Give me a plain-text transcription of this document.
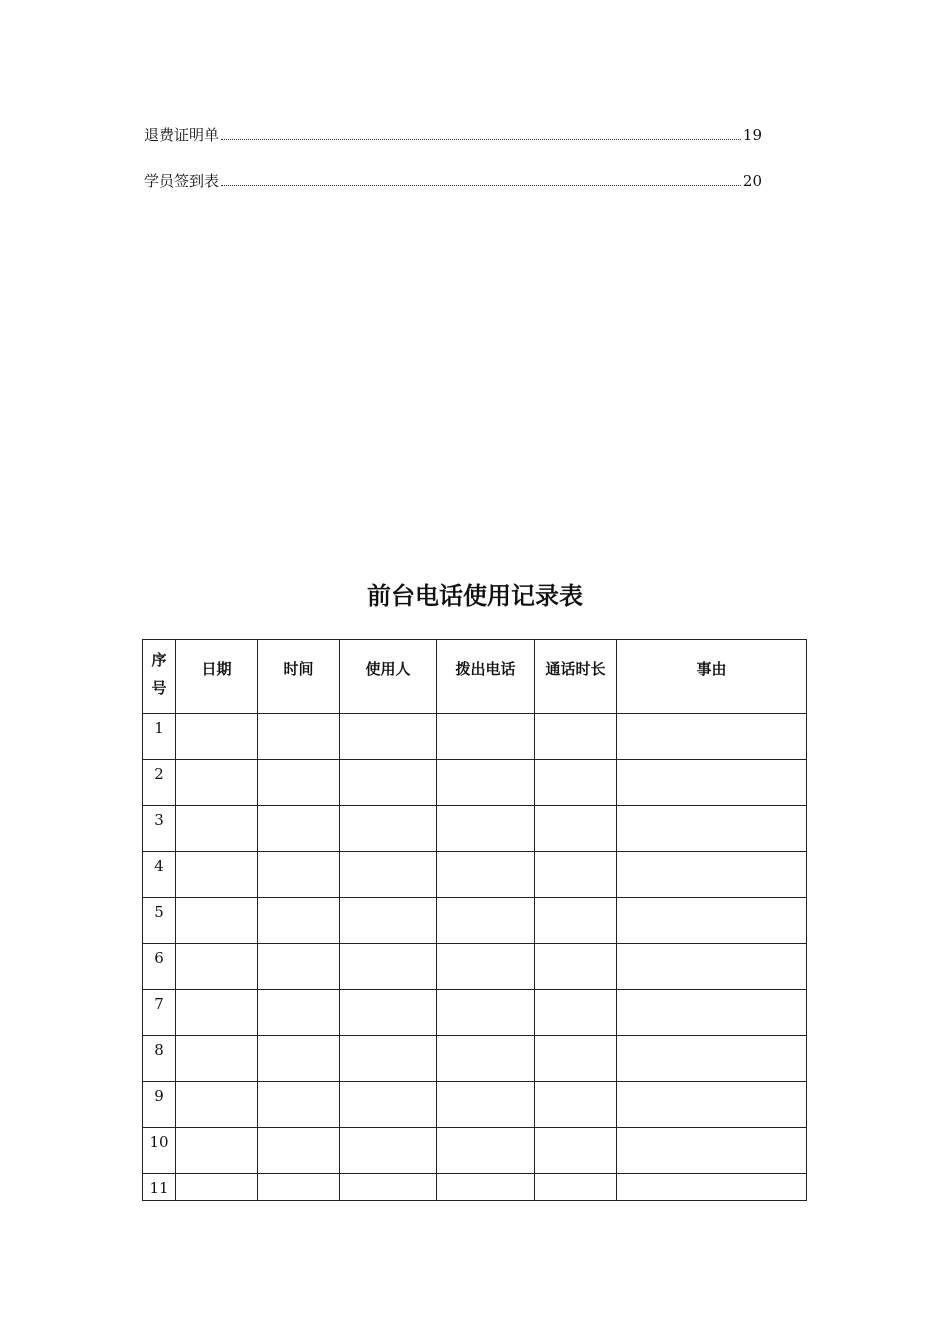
退费证明单	19
学员签到表	20
前台电话使用记录表
序
号	日期	时间	使用人	拨出电话	通话时长	事由
1						
2						
3						
4						
5						
6						
7						
8						
9						
10						
11						
